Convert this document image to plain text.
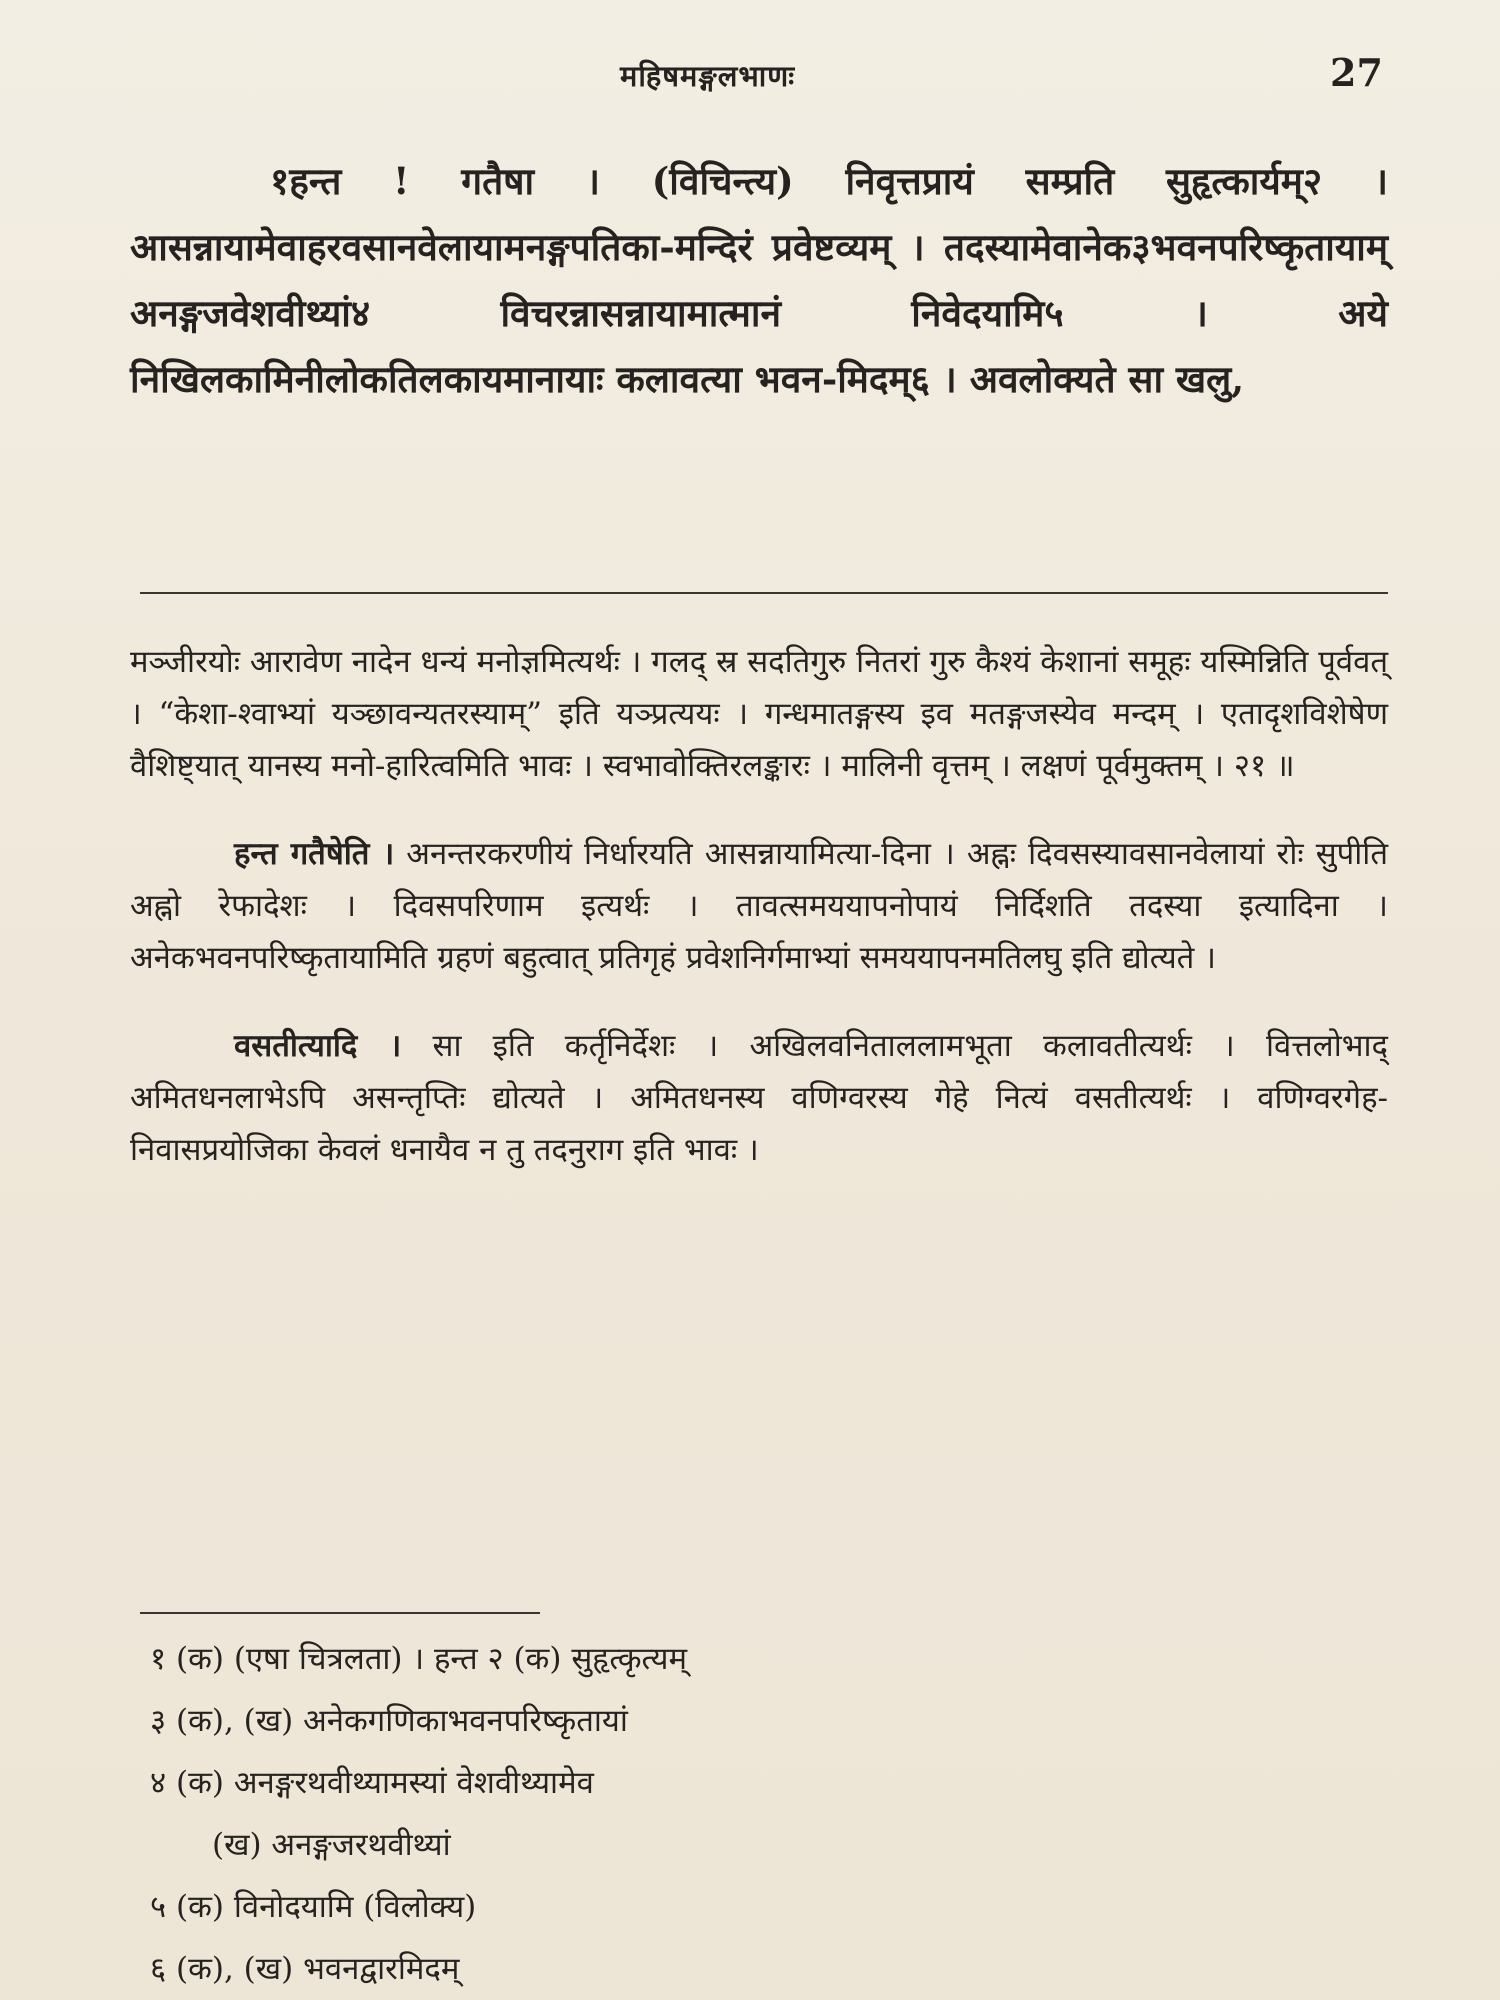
महिषमङ्गलभाणः	27

१हन्त ! गतैषा । (विचिन्त्य) निवृत्तप्रायं सम्प्रति सुहृत्कार्यम्२ । आसन्नायामेवाहरवसानवेलायामनङ्गपतिका-मन्दिरं प्रवेष्टव्यम् । तदस्यामेवानेक३भवनपरिष्कृतायाम् अनङ्गजवेशवीथ्यां४ विचरन्नासन्नायामात्मानं निवेदयामि५ । अये निखिलकामिनीलोकतिलकायमानायाः कलावत्या भवन-मिदम्६ । अवलोक्यते सा खलु,

मञ्जीरयोः आरावेण नादेन धन्यं मनोज्ञमित्यर्थः । गलद् स्र सदतिगुरु नितरां गुरु कैश्यं केशानां समूहः यस्मिन्निति पूर्ववत् । “केशा-श्वाभ्यां यञ्छावन्यतरस्याम्” इति यञ्प्रत्ययः । गन्धमातङ्गस्य इव मतङ्गजस्येव मन्दम् । एतादृशविशेषेण वैशिष्ट्यात् यानस्य मनो-हारित्वमिति भावः । स्वभावोक्तिरलङ्कारः । मालिनी वृत्तम् । लक्षणं पूर्वमुक्तम् । २१ ॥

हन्त गतैषेति । अनन्तरकरणीयं निर्धारयति आसन्नायामित्या-दिना । अह्नः दिवसस्यावसानवेलायां रोः सुपीति अह्नो रेफादेशः । दिवसपरिणाम इत्यर्थः । तावत्समययापनोपायं निर्दिशति तदस्या इत्यादिना । अनेकभवनपरिष्कृतायामिति ग्रहणं बहुत्वात् प्रतिगृहं प्रवेशनिर्गमाभ्यां समययापनमतिलघु इति द्योत्यते ।

वसतीत्यादि । सा इति कर्तृनिर्देशः । अखिलवनिताललामभूता कलावतीत्यर्थः । वित्तलोभाद् अमितधनलाभेऽपि असन्तृप्तिः द्योत्यते । अमितधनस्य वणिग्वरस्य गेहे नित्यं वसतीत्यर्थः । वणिग्वरगेह-निवासप्रयोजिका केवलं धनायैव न तु तदनुराग इति भावः ।

१ (क) (एषा चित्रलता) । हन्त २ (क) सुहृत्कृत्यम्
३ (क), (ख) अनेकगणिकाभवनपरिष्कृतायां
४ (क) अनङ्गरथवीथ्यामस्यां वेशवीथ्यामेव
(ख) अनङ्गजरथवीथ्यां
५ (क) विनोदयामि (विलोक्य)
६ (क), (ख) भवनद्वारमिदम्
